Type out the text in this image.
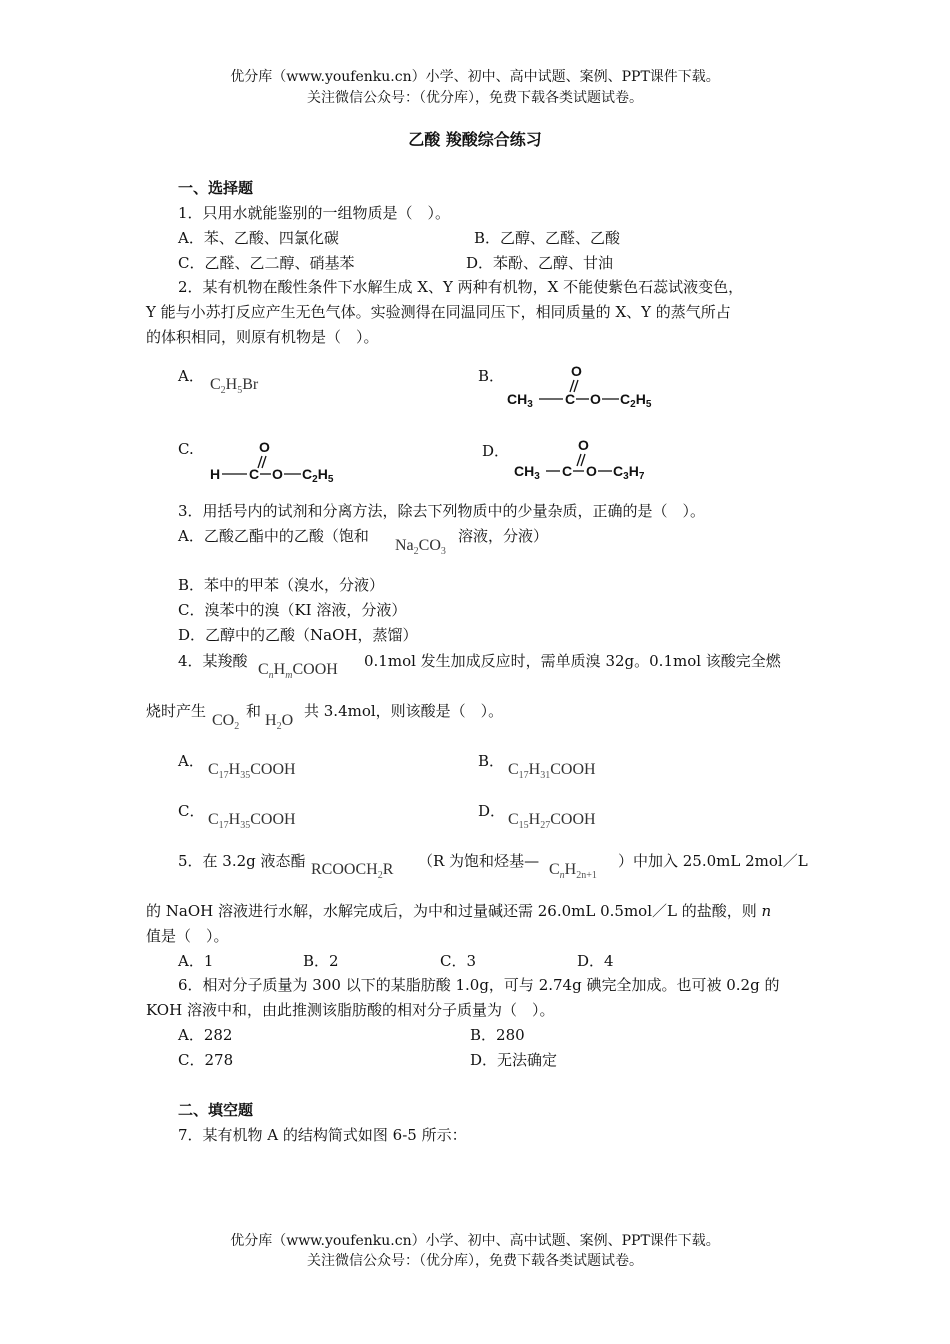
优分库（www.youfenku.cn）小学、初中、高中试题、案例、PPT课件下载。
关注微信公众号：（优分库），免费下载各类试题试卷。
乙酸 羧酸综合练习
一、选择题
1．只用水就能鉴别的一组物质是（　）。
A．苯、乙酸、四氯化碳	B．乙醇、乙醛、乙酸
C．乙醛、乙二醇、硝基苯	D．苯酚、乙醇、甘油
2．某有机物在酸性条件下水解生成 X、Y 两种有机物，X 不能使紫色石蕊试液变色，
Y 能与小苏打反应产生无色气体。实验测得在同温同压下，相同质量的 X、Y 的蒸气所占
的体积相同，则原有机物是（　）。
A． $C_2H_5Br$	B．	O
$CH_3$ C O $C_2H_5$
C.	O
H C O $C_2H_5$
D．	O
$CH_3$ C O $C_3H_7$
3．用括号内的试剂和分离方法，除去下列物质中的少量杂质，正确的是（　）。
A．乙酸乙酯中的乙酸（饱和
$Na_2CO_3$
溶液，分液）
B．苯中的甲苯（溴水，分液）
C．溴苯中的溴（KI 溶液，分液）
D．乙醇中的乙酸（NaOH，蒸馏）
4．某羧酸 $C_nH_mCOOH$ 0.1mol 发生加成反应时，需单质溴 32g。0.1mol 该酸完全燃
烧时产生
$CO_2$
和
$H_2O$
共 3.4mol，则该酸是（　）。
A． $C_{17}H_{35}COOH$	B． $C_{17}H_{31}COOH$
C． $C_{17}H_{35}COOH$	D． $C_{15}H_{27}COOH$
5．在 3.2g 液态酯 $RCOOCH_2R$ （R 为饱和烃基— $C_nH_{2n+1}$
）中加入 25.0mL 2mol／L
的 NaOH 溶液进行水解，水解完成后，为中和过量碱还需 26.0mL 0.5mol／L 的盐酸，则 n
值是（　）。
A．1	B．2	C．3	D．4
6．相对分子质量为 300 以下的某脂肪酸 1.0g，可与 2.74g 碘完全加成。也可被 0.2g 的
KOH 溶液中和，由此推测该脂肪酸的相对分子质量为（　）。
A．282	B．280
C．278	D．无法确定
二、填空题
7．某有机物 A 的结构简式如图 6-5 所示：
优分库（www.youfenku.cn）小学、初中、高中试题、案例、PPT课件下载。
关注微信公众号：（优分库），免费下载各类试题试卷。
